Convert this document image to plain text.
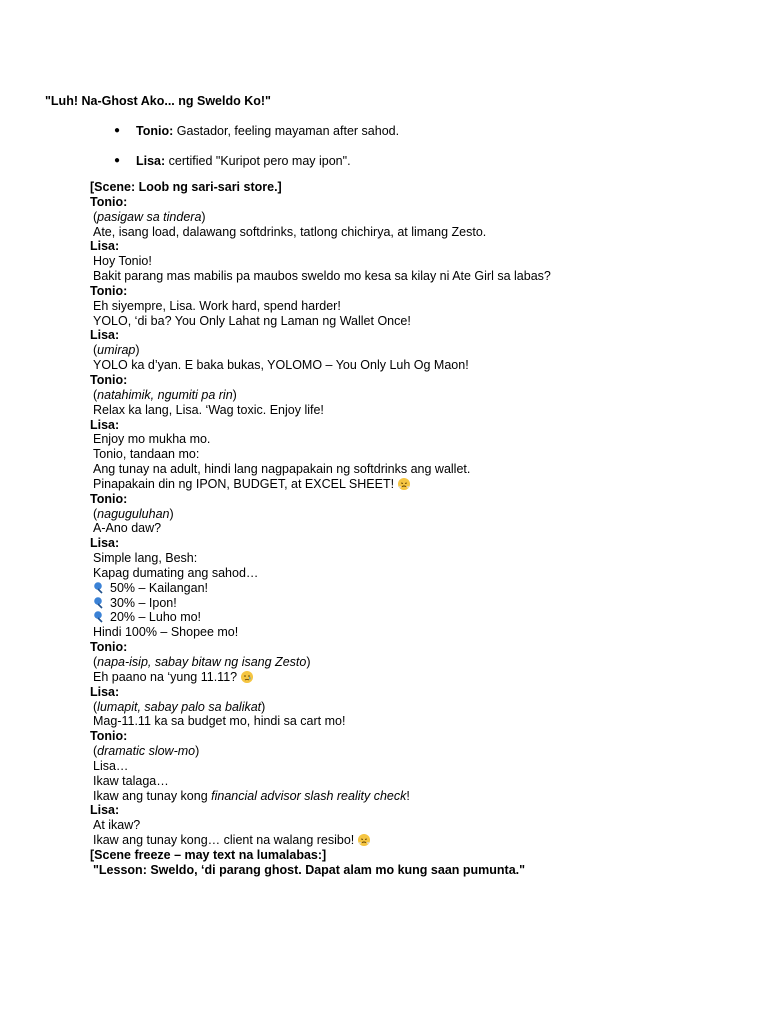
"Luh! Na-Ghost Ako... ng Sweldo Ko!"
● Tonio: Gastador, feeling mayaman after sahod.
● Lisa: certified "Kuripot pero may ipon".
[Scene: Loob ng sari-sari store.]
Tonio:
(pasigaw sa tindera)
Ate, isang load, dalawang softdrinks, tatlong chichirya, at limang Zesto.
Lisa:
Hoy Tonio!
Bakit parang mas mabilis pa maubos sweldo mo kesa sa kilay ni Ate Girl sa labas?
Tonio:
Eh siyempre, Lisa. Work hard, spend harder!
YOLO, ‘di ba? You Only Lahat ng Laman ng Wallet Once!
Lisa:
(umirap)
YOLO ka d’yan. E baka bukas, YOLOMO – You Only Luh Og Maon!
Tonio:
(natahimik, ngumiti pa rin)
Relax ka lang, Lisa. ‘Wag toxic. Enjoy life!
Lisa:
Enjoy mo mukha mo.
Tonio, tandaan mo:
Ang tunay na adult, hindi lang nagpapakain ng softdrinks ang wallet.
Pinapakain din ng IPON, BUDGET, at EXCEL SHEET!
Tonio:
(naguguluhan)
A-Ano daw?
Lisa:
Simple lang, Besh:
Kapag dumating ang sahod…
50% – Kailangan!
30% – Ipon!
20% – Luho mo!
Hindi 100% – Shopee mo!
Tonio:
(napa-isip, sabay bitaw ng isang Zesto)
Eh paano na ‘yung 11.11?
Lisa:
(lumapit, sabay palo sa balikat)
Mag-11.11 ka sa budget mo, hindi sa cart mo!
Tonio:
(dramatic slow-mo)
Lisa…
Ikaw talaga…
Ikaw ang tunay kong financial advisor slash reality check!
Lisa:
At ikaw?
Ikaw ang tunay kong… client na walang resibo!
[Scene freeze – may text na lumalabas:]
"Lesson: Sweldo, ‘di parang ghost. Dapat alam mo kung saan pumunta."
